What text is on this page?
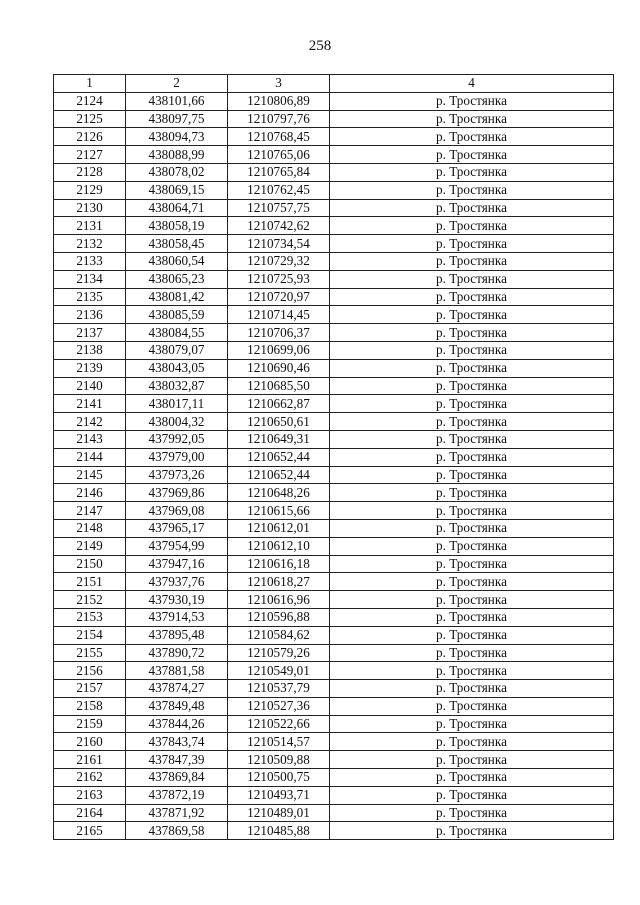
258
1	2	3	4
2124	438101,66	1210806,89	р. Тростянка
2125	438097,75	1210797,76	р. Тростянка
2126	438094,73	1210768,45	р. Тростянка
2127	438088,99	1210765,06	р. Тростянка
2128	438078,02	1210765,84	р. Тростянка
2129	438069,15	1210762,45	р. Тростянка
2130	438064,71	1210757,75	р. Тростянка
2131	438058,19	1210742,62	р. Тростянка
2132	438058,45	1210734,54	р. Тростянка
2133	438060,54	1210729,32	р. Тростянка
2134	438065,23	1210725,93	р. Тростянка
2135	438081,42	1210720,97	р. Тростянка
2136	438085,59	1210714,45	р. Тростянка
2137	438084,55	1210706,37	р. Тростянка
2138	438079,07	1210699,06	р. Тростянка
2139	438043,05	1210690,46	р. Тростянка
2140	438032,87	1210685,50	р. Тростянка
2141	438017,11	1210662,87	р. Тростянка
2142	438004,32	1210650,61	р. Тростянка
2143	437992,05	1210649,31	р. Тростянка
2144	437979,00	1210652,44	р. Тростянка
2145	437973,26	1210652,44	р. Тростянка
2146	437969,86	1210648,26	р. Тростянка
2147	437969,08	1210615,66	р. Тростянка
2148	437965,17	1210612,01	р. Тростянка
2149	437954,99	1210612,10	р. Тростянка
2150	437947,16	1210616,18	р. Тростянка
2151	437937,76	1210618,27	р. Тростянка
2152	437930,19	1210616,96	р. Тростянка
2153	437914,53	1210596,88	р. Тростянка
2154	437895,48	1210584,62	р. Тростянка
2155	437890,72	1210579,26	р. Тростянка
2156	437881,58	1210549,01	р. Тростянка
2157	437874,27	1210537,79	р. Тростянка
2158	437849,48	1210527,36	р. Тростянка
2159	437844,26	1210522,66	р. Тростянка
2160	437843,74	1210514,57	р. Тростянка
2161	437847,39	1210509,88	р. Тростянка
2162	437869,84	1210500,75	р. Тростянка
2163	437872,19	1210493,71	р. Тростянка
2164	437871,92	1210489,01	р. Тростянка
2165	437869,58	1210485,88	р. Тростянка
